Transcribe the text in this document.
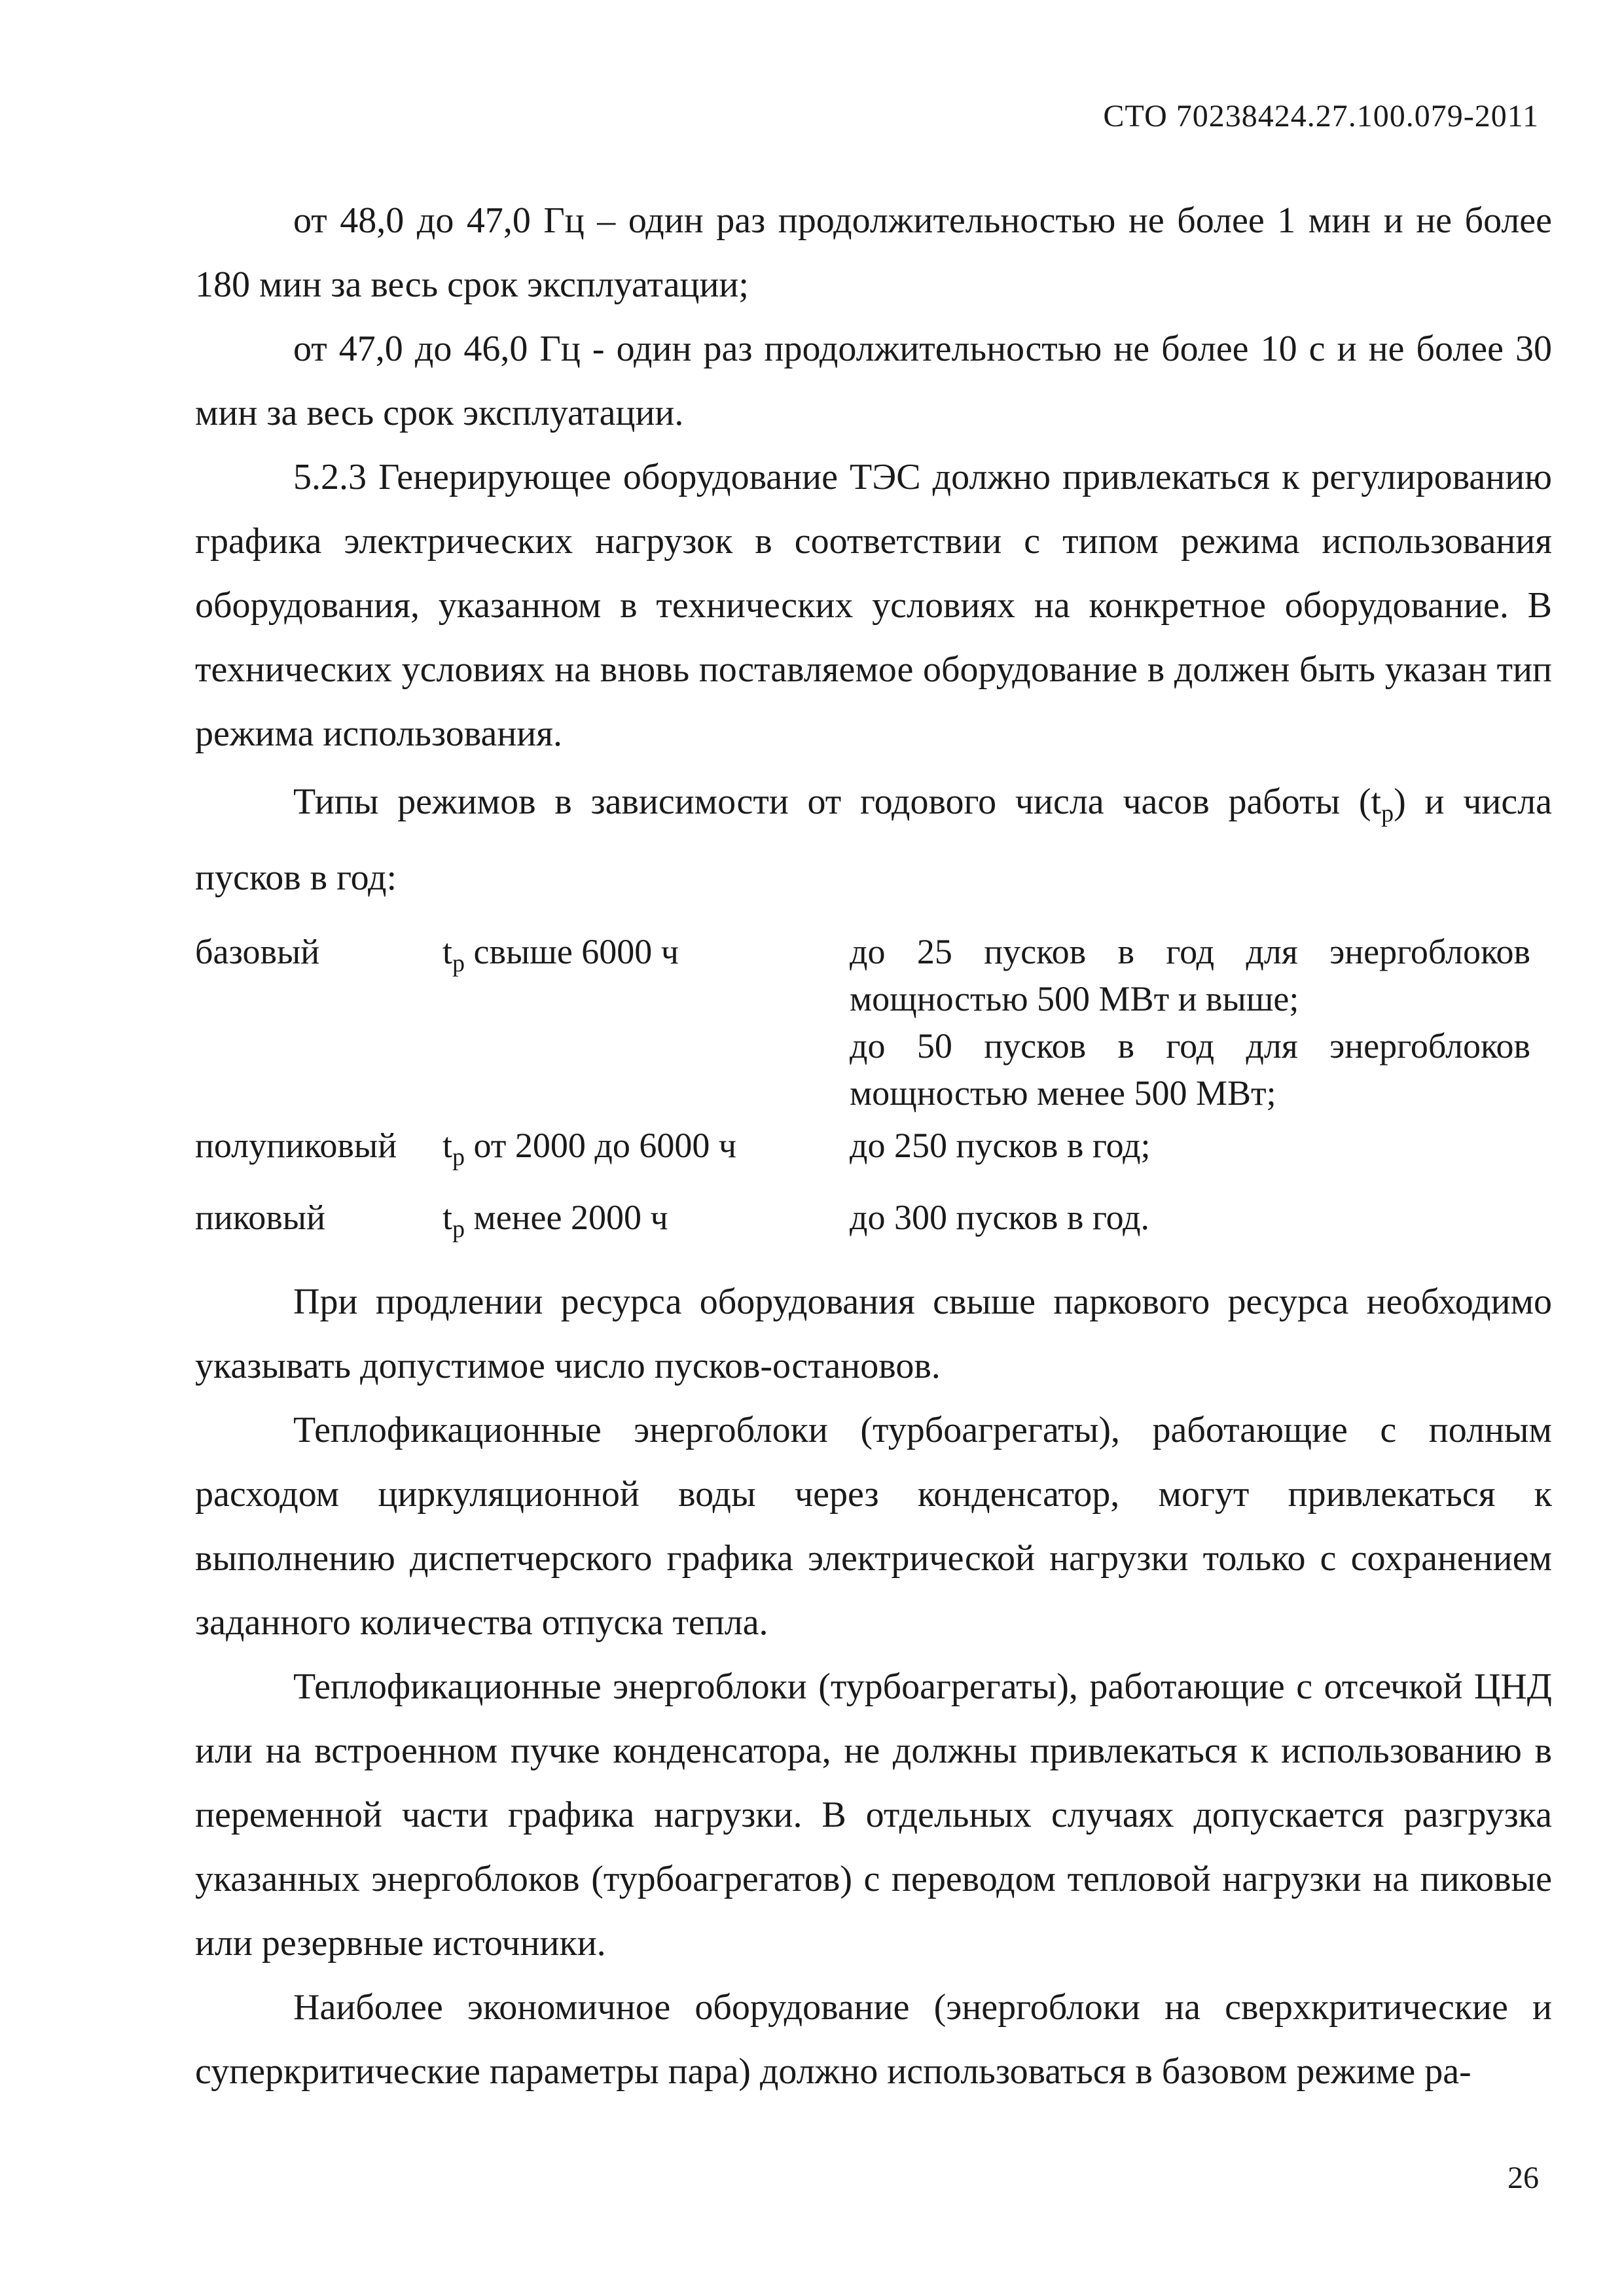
СТО 70238424.27.100.079-2011

от 48,0 до 47,0 Гц – один раз продолжительностью не более 1 мин и не более 180 мин за весь срок эксплуатации;

от 47,0 до 46,0 Гц - один раз продолжительностью не более 10 с и не более 30 мин за весь срок эксплуатации.

5.2.3 Генерирующее оборудование ТЭС должно привлекаться к регулированию графика электрических нагрузок в соответствии с типом режима использования оборудования, указанном в технических условиях на конкретное оборудование. В технических условиях на вновь поставляемое оборудование в должен быть указан тип режима использования.

Типы режимов в зависимости от годового числа часов работы $(t_р)$ и числа пусков в год:

базовый	$t_р$ свыше 6000 ч	до 25 пусков в год для энергоблоков

мощностью 500 МВт и выше;

до 50 пусков в год для энергоблоков

мощностью менее 500 МВт;

полупиковый $t_р$ от 2000 до 6000 ч	до 250 пусков в год;

пиковый	$t_р$ менее 2000 ч	до 300 пусков в год.

При продлении ресурса оборудования свыше паркового ресурса необходимо указывать допустимое число пусков-остановов.

Теплофикационные энергоблоки (турбоагрегаты), работающие с полным расходом циркуляционной воды через конденсатор, могут привлекаться к выполнению диспетчерского графика электрической нагрузки только с сохранением заданного количества отпуска тепла.

Теплофикационные энергоблоки (турбоагрегаты), работающие с отсечкой ЦНД или на встроенном пучке конденсатора, не должны привлекаться к использованию в переменной части графика нагрузки. В отдельных случаях допускается разгрузка указанных энергоблоков (турбоагрегатов) с переводом тепловой нагрузки на пиковые или резервные источники.

Наиболее экономичное оборудование (энергоблоки на сверхкритические и суперкритические параметры пара) должно использоваться в базовом режиме ра-

26
